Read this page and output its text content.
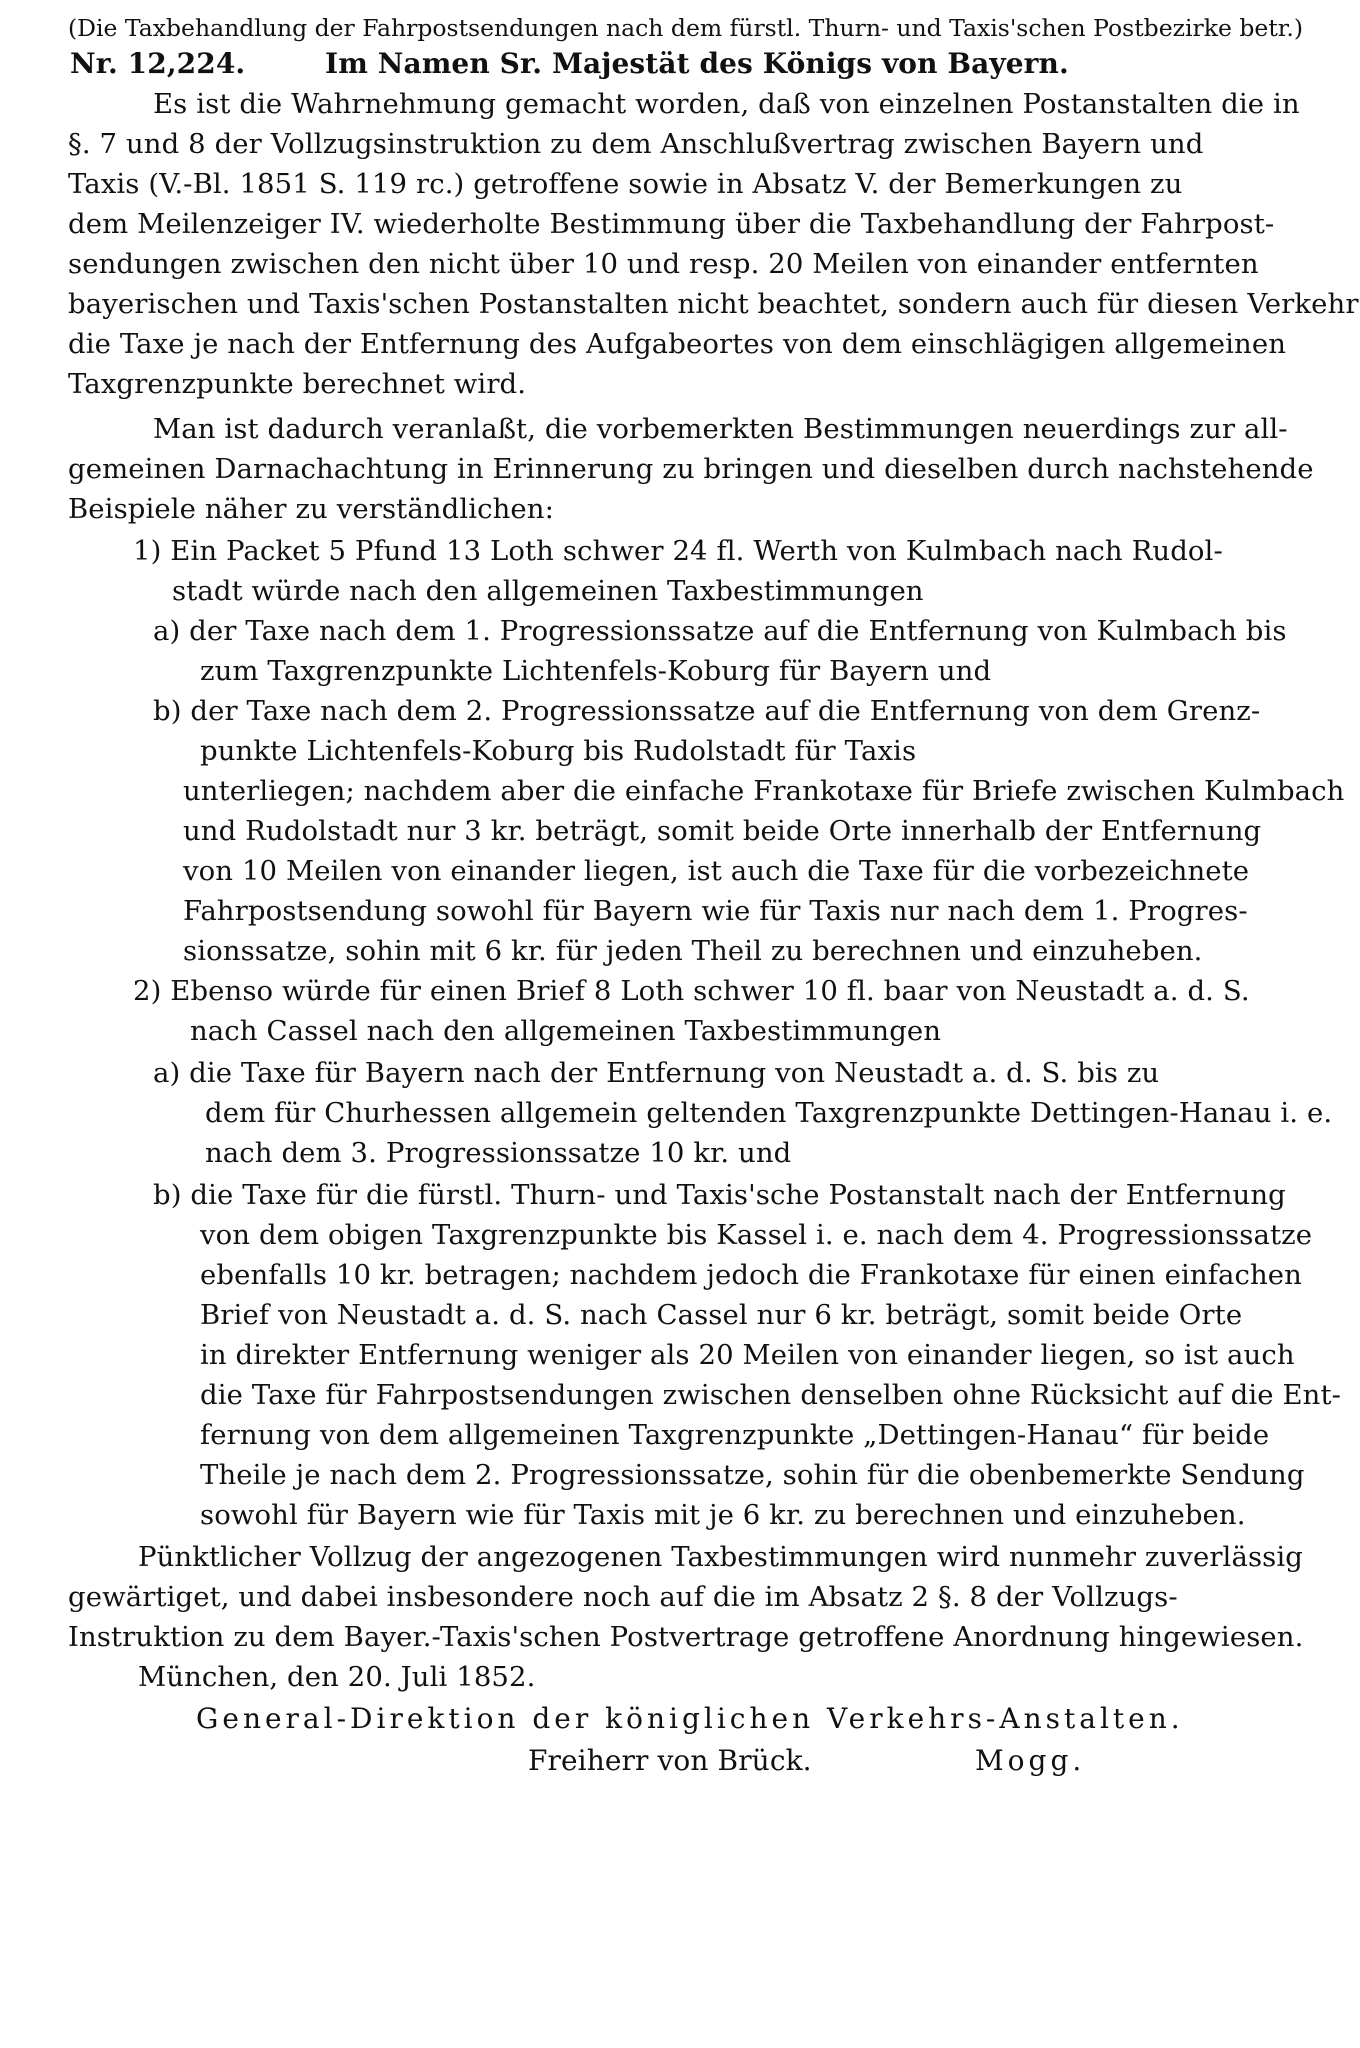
(Die Taxbehandlung der Fahrpostsendungen nach dem fürstl. Thurn- und Taxis'schen Postbezirke betr.)
Nr. 12,224.	Im Namen Sr. Majestät des Königs von Bayern.
Es ist die Wahrnehmung gemacht worden, daß von einzelnen Postanstalten die in
§. 7 und 8 der Vollzugsinstruktion zu dem Anschlußvertrag zwischen Bayern und
Taxis (V.-Bl. 1851 S. 119 rc.) getroffene sowie in Absatz V. der Bemerkungen zu
dem Meilenzeiger IV. wiederholte Bestimmung über die Taxbehandlung der Fahrpost-
sendungen zwischen den nicht über 10 und resp. 20 Meilen von einander entfernten
bayerischen und Taxis'schen Postanstalten nicht beachtet, sondern auch für diesen Verkehr
die Taxe je nach der Entfernung des Aufgabeortes von dem einschlägigen allgemeinen
Taxgrenzpunkte berechnet wird.
Man ist dadurch veranlaßt, die vorbemerkten Bestimmungen neuerdings zur all-
gemeinen Darnachachtung in Erinnerung zu bringen und dieselben durch nachstehende
Beispiele näher zu verständlichen:
1) Ein Packet 5 Pfund 13 Loth schwer 24 fl. Werth von Kulmbach nach Rudol-
stadt würde nach den allgemeinen Taxbestimmungen
a) der Taxe nach dem 1. Progressionssatze auf die Entfernung von Kulmbach bis
zum Taxgrenzpunkte Lichtenfels-Koburg für Bayern und
b) der Taxe nach dem 2. Progressionssatze auf die Entfernung von dem Grenz-
punkte Lichtenfels-Koburg bis Rudolstadt für Taxis
unterliegen; nachdem aber die einfache Frankotaxe für Briefe zwischen Kulmbach
und Rudolstadt nur 3 kr. beträgt, somit beide Orte innerhalb der Entfernung
von 10 Meilen von einander liegen, ist auch die Taxe für die vorbezeichnete
Fahrpostsendung sowohl für Bayern wie für Taxis nur nach dem 1. Progres-
sionssatze, sohin mit 6 kr. für jeden Theil zu berechnen und einzuheben.
2) Ebenso würde für einen Brief 8 Loth schwer 10 fl. baar von Neustadt a. d. S.
nach Cassel nach den allgemeinen Taxbestimmungen
a) die Taxe für Bayern nach der Entfernung von Neustadt a. d. S. bis zu
dem für Churhessen allgemein geltenden Taxgrenzpunkte Dettingen-Hanau i. e.
nach dem 3. Progressionssatze 10 kr. und
b) die Taxe für die fürstl. Thurn- und Taxis'sche Postanstalt nach der Entfernung
von dem obigen Taxgrenzpunkte bis Kassel i. e. nach dem 4. Progressionssatze
ebenfalls 10 kr. betragen; nachdem jedoch die Frankotaxe für einen einfachen
Brief von Neustadt a. d. S. nach Cassel nur 6 kr. beträgt, somit beide Orte
in direkter Entfernung weniger als 20 Meilen von einander liegen, so ist auch
die Taxe für Fahrpostsendungen zwischen denselben ohne Rücksicht auf die Ent-
fernung von dem allgemeinen Taxgrenzpunkte „Dettingen-Hanau“ für beide
Theile je nach dem 2. Progressionssatze, sohin für die obenbemerkte Sendung
sowohl für Bayern wie für Taxis mit je 6 kr. zu berechnen und einzuheben.
Pünktlicher Vollzug der angezogenen Taxbestimmungen wird nunmehr zuverlässig
gewärtiget, und dabei insbesondere noch auf die im Absatz 2 §. 8 der Vollzugs-
Instruktion zu dem Bayer.-Taxis'schen Postvertrage getroffene Anordnung hingewiesen.
München, den 20. Juli 1852.
General-Direktion der königlichen Verkehrs-Anstalten.
Freiherr von Brück.	Mogg.
